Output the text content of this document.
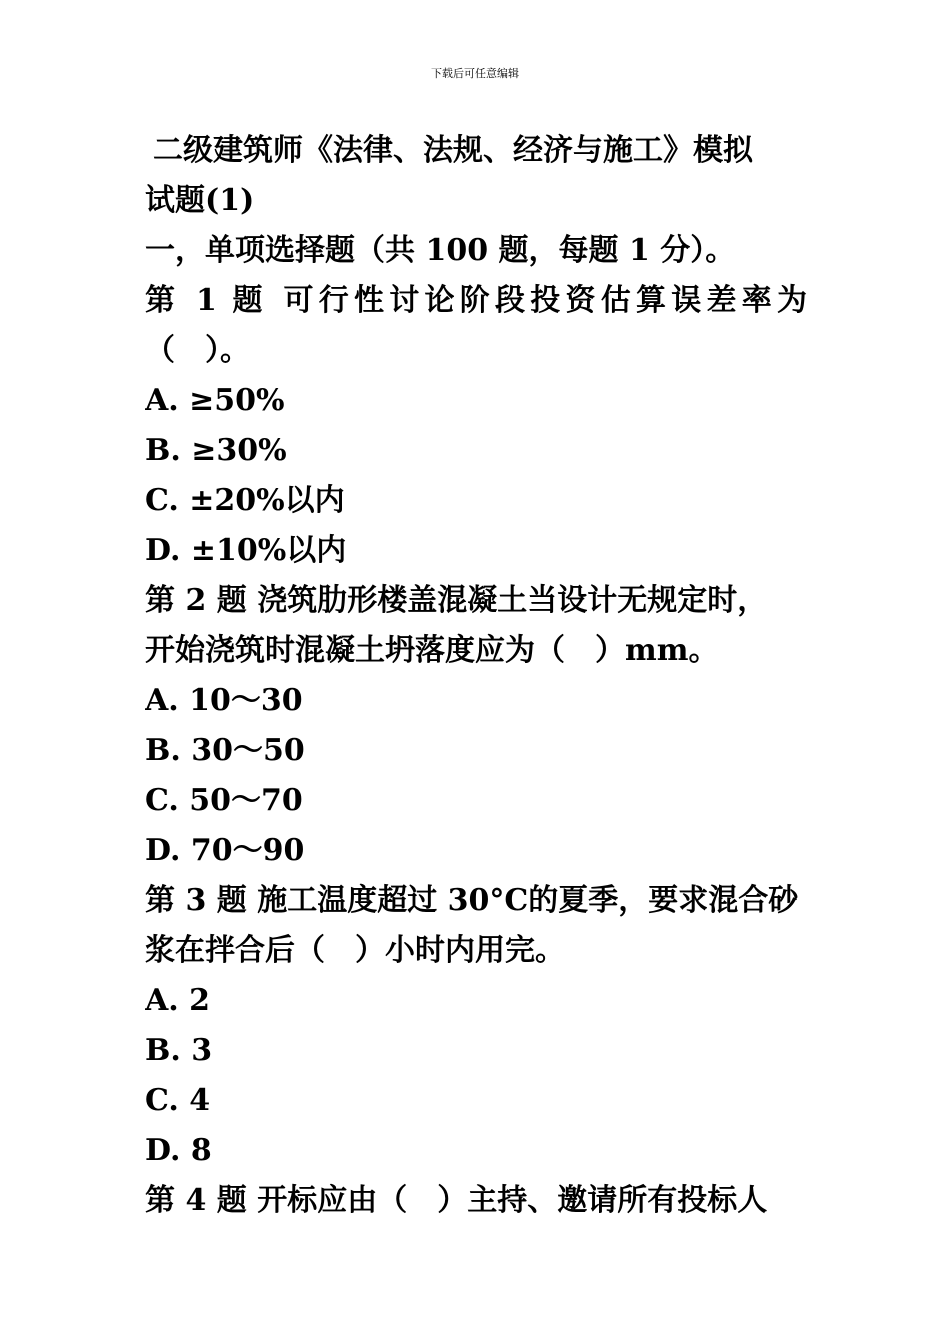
下载后可任意编辑
二级建筑师《法律、法规、经济与施工》模拟
试题(1)
一，单项选择题（共 100 题，每题 1 分）。
第 1 题 可行性讨论阶段投资估算误差率为
（　）。
A. ≥50%
B. ≥30%
C. ±20%以内
D. ±10%以内
第 2 题 浇筑肋形楼盖混凝土当设计无规定时，
开始浇筑时混凝土坍落度应为（　）mm。
A. 10～30
B. 30～50
C. 50～70
D. 70～90
第 3 题 施工温度超过 30°C的夏季，要求混合砂
浆在拌合后（　）小时内用完。
A. 2
B. 3
C. 4
D. 8
第 4 题 开标应由（　）主持、邀请所有投标人
